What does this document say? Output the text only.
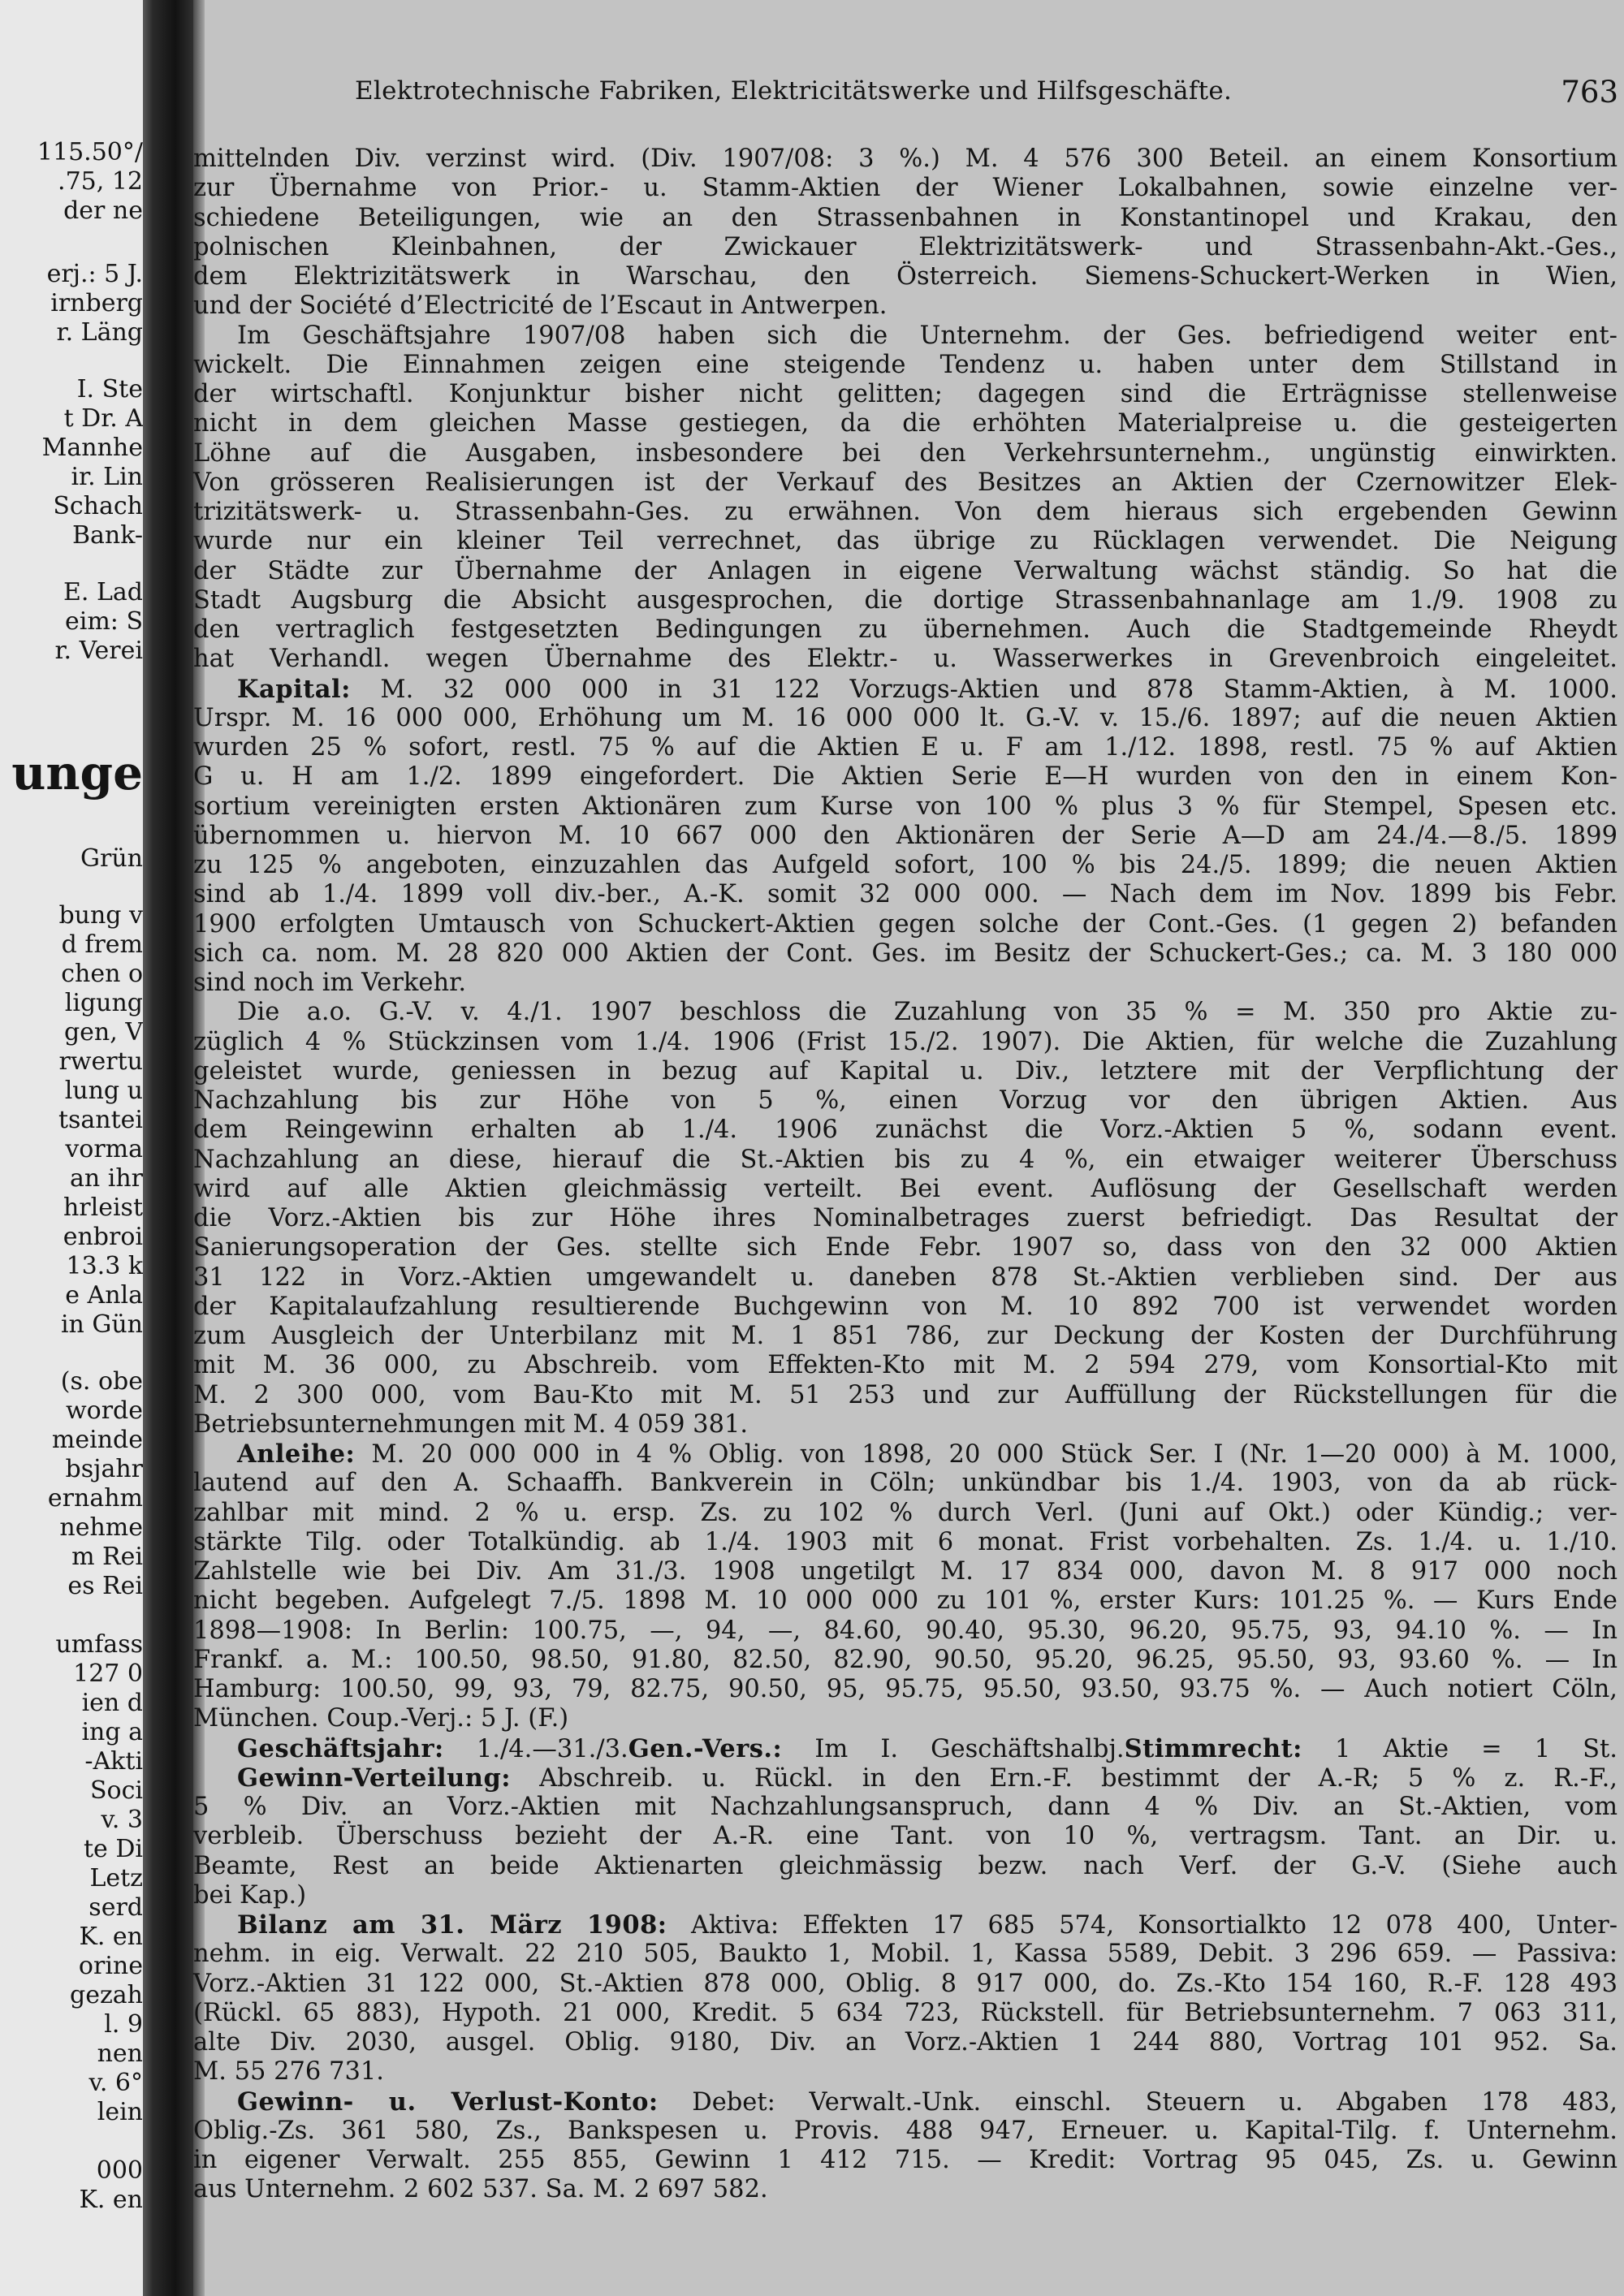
115.50°/
.75, 12
der ne
erj.: 5 J.
irnberg
r. Läng
I. Ste
t Dr. A
Mannhe
ir. Lin
Schach
Bank-
E. Lad
eim: S
r. Verei
unge
Grün
bung v
d frem
chen o
ligung
gen, V
rwertu
lung u
tsantei
vorma
an ihr
hrleist
enbroi
13.3 k
e Anla
in Gün
(s. obe
worde
meinde
bsjahr
ernahm
nehme
m Rei
es Rei
umfass
127 0
ien d
ing a
-Akti
Soci
v. 3
te Di
Letz
serd
K. en
orine
gezah
l. 9
nen
v. 6°
lein
000
K. en
Elektrotechnische Fabriken, Elektricitätswerke und Hilfsgeschäfte.	763
mittelnden Div. verzinst wird. (Div. 1907/08: 3 %.) M. 4 576 300 Beteil. an einem Konsortium
zur Übernahme von Prior.- u. Stamm-Aktien der Wiener Lokalbahnen, sowie einzelne ver-
schiedene Beteiligungen, wie an den Strassenbahnen in Konstantinopel und Krakau, den
polnischen Kleinbahnen, der Zwickauer Elektrizitätswerk- und Strassenbahn-Akt.-Ges.,
dem Elektrizitätswerk in Warschau, den Österreich. Siemens-Schuckert-Werken in Wien,
und der Société d’Electricité de l’Escaut in Antwerpen.
Im Geschäftsjahre 1907/08 haben sich die Unternehm. der Ges. befriedigend weiter ent-
wickelt. Die Einnahmen zeigen eine steigende Tendenz u. haben unter dem Stillstand in
der wirtschaftl. Konjunktur bisher nicht gelitten; dagegen sind die Erträgnisse stellenweise
nicht in dem gleichen Masse gestiegen, da die erhöhten Materialpreise u. die gesteigerten
Löhne auf die Ausgaben, insbesondere bei den Verkehrsunternehm., ungünstig einwirkten.
Von grösseren Realisierungen ist der Verkauf des Besitzes an Aktien der Czernowitzer Elek-
trizitätswerk- u. Strassenbahn-Ges. zu erwähnen. Von dem hieraus sich ergebenden Gewinn
wurde nur ein kleiner Teil verrechnet, das übrige zu Rücklagen verwendet. Die Neigung
der Städte zur Übernahme der Anlagen in eigene Verwaltung wächst ständig. So hat die
Stadt Augsburg die Absicht ausgesprochen, die dortige Strassenbahnanlage am 1./9. 1908 zu
den vertraglich festgesetzten Bedingungen zu übernehmen. Auch die Stadtgemeinde Rheydt
hat Verhandl. wegen Übernahme des Elektr.- u. Wasserwerkes in Grevenbroich eingeleitet.
Kapital: M. 32 000 000 in 31 122 Vorzugs-Aktien und 878 Stamm-Aktien, à M. 1000.
Urspr. M. 16 000 000, Erhöhung um M. 16 000 000 lt. G.-V. v. 15./6. 1897; auf die neuen Aktien
wurden 25 % sofort, restl. 75 % auf die Aktien E u. F am 1./12. 1898, restl. 75 % auf Aktien
G u. H am 1./2. 1899 eingefordert. Die Aktien Serie E—H wurden von den in einem Kon-
sortium vereinigten ersten Aktionären zum Kurse von 100 % plus 3 % für Stempel, Spesen etc.
übernommen u. hiervon M. 10 667 000 den Aktionären der Serie A—D am 24./4.—8./5. 1899
zu 125 % angeboten, einzuzahlen das Aufgeld sofort, 100 % bis 24./5. 1899; die neuen Aktien
sind ab 1./4. 1899 voll div.-ber., A.-K. somit 32 000 000. — Nach dem im Nov. 1899 bis Febr.
1900 erfolgten Umtausch von Schuckert-Aktien gegen solche der Cont.-Ges. (1 gegen 2) befanden
sich ca. nom. M. 28 820 000 Aktien der Cont. Ges. im Besitz der Schuckert-Ges.; ca. M. 3 180 000
sind noch im Verkehr.
Die a.o. G.-V. v. 4./1. 1907 beschloss die Zuzahlung von 35 % = M. 350 pro Aktie zu-
züglich 4 % Stückzinsen vom 1./4. 1906 (Frist 15./2. 1907). Die Aktien, für welche die Zuzahlung
geleistet wurde, geniessen in bezug auf Kapital u. Div., letztere mit der Verpflichtung der
Nachzahlung bis zur Höhe von 5 %, einen Vorzug vor den übrigen Aktien. Aus
dem Reingewinn erhalten ab 1./4. 1906 zunächst die Vorz.-Aktien 5 %, sodann event.
Nachzahlung an diese, hierauf die St.-Aktien bis zu 4 %, ein etwaiger weiterer Überschuss
wird auf alle Aktien gleichmässig verteilt. Bei event. Auflösung der Gesellschaft werden
die Vorz.-Aktien bis zur Höhe ihres Nominalbetrages zuerst befriedigt. Das Resultat der
Sanierungsoperation der Ges. stellte sich Ende Febr. 1907 so, dass von den 32 000 Aktien
31 122 in Vorz.-Aktien umgewandelt u. daneben 878 St.-Aktien verblieben sind. Der aus
der Kapitalaufzahlung resultierende Buchgewinn von M. 10 892 700 ist verwendet worden
zum Ausgleich der Unterbilanz mit M. 1 851 786, zur Deckung der Kosten der Durchführung
mit M. 36 000, zu Abschreib. vom Effekten-Kto mit M. 2 594 279, vom Konsortial-Kto mit
M. 2 300 000, vom Bau-Kto mit M. 51 253 und zur Auffüllung der Rückstellungen für die
Betriebsunternehmungen mit M. 4 059 381.
Anleihe: M. 20 000 000 in 4 % Oblig. von 1898, 20 000 Stück Ser. I (Nr. 1—20 000) à M. 1000,
lautend auf den A. Schaaffh. Bankverein in Cöln; unkündbar bis 1./4. 1903, von da ab rück-
zahlbar mit mind. 2 % u. ersp. Zs. zu 102 % durch Verl. (Juni auf Okt.) oder Kündig.; ver-
stärkte Tilg. oder Totalkündig. ab 1./4. 1903 mit 6 monat. Frist vorbehalten. Zs. 1./4. u. 1./10.
Zahlstelle wie bei Div. Am 31./3. 1908 ungetilgt M. 17 834 000, davon M. 8 917 000 noch
nicht begeben. Aufgelegt 7./5. 1898 M. 10 000 000 zu 101 %, erster Kurs: 101.25 %. — Kurs Ende
1898—1908: In Berlin: 100.75, —, 94, —, 84.60, 90.40, 95.30, 96.20, 95.75, 93, 94.10 %. — In
Frankf. a. M.: 100.50, 98.50, 91.80, 82.50, 82.90, 90.50, 95.20, 96.25, 95.50, 93, 93.60 %. — In
Hamburg: 100.50, 99, 93, 79, 82.75, 90.50, 95, 95.75, 95.50, 93.50, 93.75 %. — Auch notiert Cöln,
München. Coup.-Verj.: 5 J. (F.)
Geschäftsjahr: 1./4.—31./3.Gen.-Vers.: Im I. Geschäftshalbj.Stimmrecht: 1 Aktie = 1 St.
Gewinn-Verteilung: Abschreib. u. Rückl. in den Ern.-F. bestimmt der A.-R; 5 % z. R.-F.,
5 % Div. an Vorz.-Aktien mit Nachzahlungsanspruch, dann 4 % Div. an St.-Aktien, vom
verbleib. Überschuss bezieht der A.-R. eine Tant. von 10 %, vertragsm. Tant. an Dir. u.
Beamte, Rest an beide Aktienarten gleichmässig bezw. nach Verf. der G.-V. (Siehe auch
bei Kap.)
Bilanz am 31. März 1908: Aktiva: Effekten 17 685 574, Konsortialkto 12 078 400, Unter-
nehm. in eig. Verwalt. 22 210 505, Baukto 1, Mobil. 1, Kassa 5589, Debit. 3 296 659. — Passiva:
Vorz.-Aktien 31 122 000, St.-Aktien 878 000, Oblig. 8 917 000, do. Zs.-Kto 154 160, R.-F. 128 493
(Rückl. 65 883), Hypoth. 21 000, Kredit. 5 634 723, Rückstell. für Betriebsunternehm. 7 063 311,
alte Div. 2030, ausgel. Oblig. 9180, Div. an Vorz.-Aktien 1 244 880, Vortrag 101 952. Sa.
M. 55 276 731.
Gewinn- u. Verlust-Konto: Debet: Verwalt.-Unk. einschl. Steuern u. Abgaben 178 483,
Oblig.-Zs. 361 580, Zs., Bankspesen u. Provis. 488 947, Erneuer. u. Kapital-Tilg. f. Unternehm.
in eigener Verwalt. 255 855, Gewinn 1 412 715. — Kredit: Vortrag 95 045, Zs. u. Gewinn
aus Unternehm. 2 602 537. Sa. M. 2 697 582.
